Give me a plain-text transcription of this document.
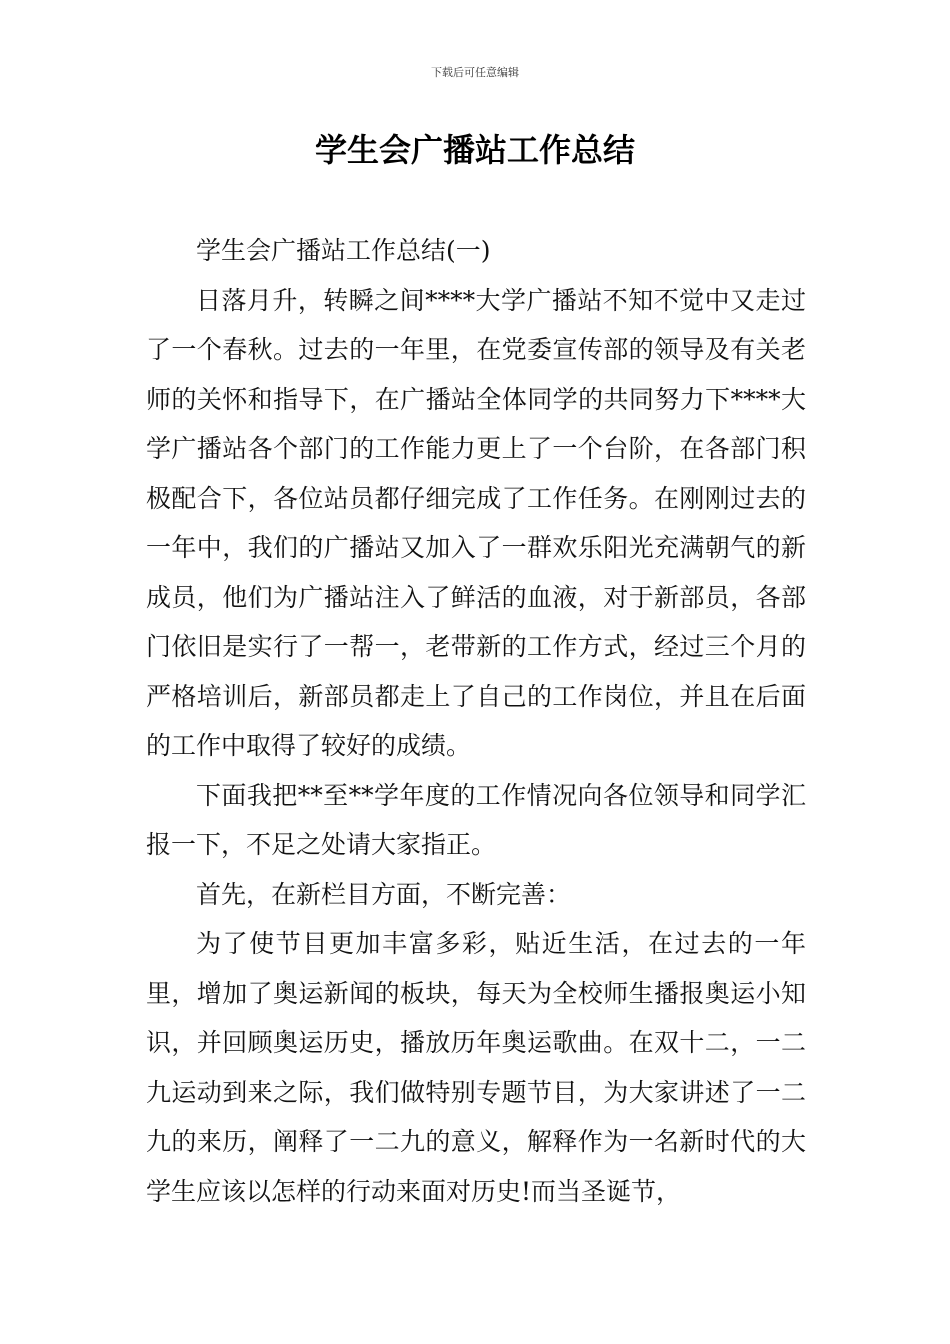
下载后可任意编辑
学生会广播站工作总结

学生会广播站工作总结(一)

日落月升，转瞬之间****大学广播站不知不觉中又走过了一个春秋。过去的一年里，在党委宣传部的领导及有关老师的关怀和指导下，在广播站全体同学的共同努力下****大学广播站各个部门的工作能力更上了一个台阶，在各部门积极配合下，各位站员都仔细完成了工作任务。在刚刚过去的一年中，我们的广播站又加入了一群欢乐阳光充满朝气的新成员，他们为广播站注入了鲜活的血液，对于新部员，各部门依旧是实行了一帮一，老带新的工作方式，经过三个月的严格培训后，新部员都走上了自己的工作岗位，并且在后面的工作中取得了较好的成绩。

下面我把**至**学年度的工作情况向各位领导和同学汇报一下，不足之处请大家指正。

首先，在新栏目方面，不断完善：

为了使节目更加丰富多彩，贴近生活，在过去的一年里，增加了奥运新闻的板块，每天为全校师生播报奥运小知识，并回顾奥运历史，播放历年奥运歌曲。在双十二，一二九运动到来之际，我们做特别专题节目，为大家讲述了一二九的来历，阐释了一二九的意义，解释作为一名新时代的大学生应该以怎样的行动来面对历史!而当圣诞节，
